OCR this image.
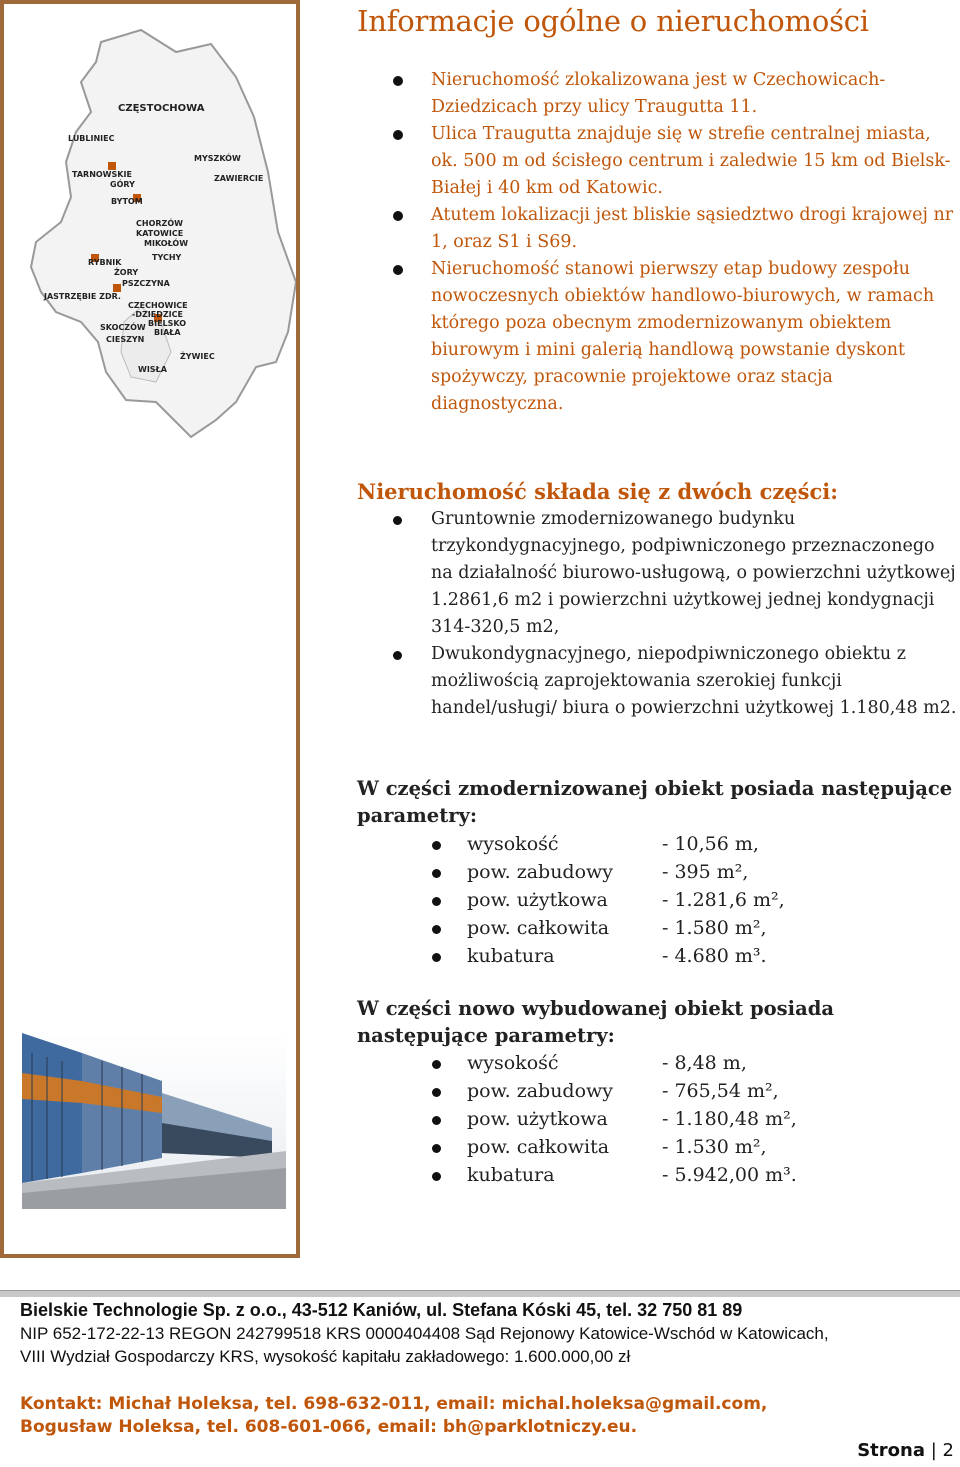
CZĘSTOCHOWA
LUBLINIEC
MYSZKÓW
TARNOWSKIE
GÓRY
ZAWIERCIE
BYTOM
CHORZÓW
KATOWICE
MIKOŁÓW
TYCHY
RYBNIK
ŻORY
PSZCZYNA
JASTRZĘBIE ZDR.
CZECHOWICE
-DZIEDZICE
BIELSKO
BIAŁA
SKOCZÓW
CIESZYN
ŻYWIEC
WISŁA
Informacje ogólne o nieruchomości
Nieruchomość zlokalizowana jest w Czechowicach-Dziedzicach przy ulicy Traugutta 11.
Ulica Traugutta znajduje się w strefie centralnej miasta, ok. 500 m od ścisłego centrum i zaledwie 15 km od Bielsk-Białej i 40 km od Katowic.
Atutem lokalizacji jest bliskie sąsiedztwo drogi krajowej nr 1, oraz S1 i S69.
Nieruchomość stanowi pierwszy etap budowy zespołu nowoczesnych obiektów handlowo-biurowych, w ramach którego poza obecnym zmodernizowanym obiektem biurowym i mini galerią handlową powstanie dyskont spożywczy, pracownie projektowe oraz stacja diagnostyczna.
Nieruchomość składa się z dwóch części:
Gruntownie zmodernizowanego budynku trzykondygnacyjnego, podpiwniczonego przeznaczonego na działalność biurowo-usługową, o powierzchni użytkowej 1.2861,6 m2 i powierzchni użytkowej jednej kondygnacji 314-320,5 m2,
Dwukondygnacyjnego, niepodpiwniczonego obiektu z możliwością zaprojektowania szerokiej funkcji handel/usługi/ biura o powierzchni użytkowej 1.180,48 m2.

W części zmodernizowanej obiekt posiada następujące parametry:

wysokość	- 10,56 m,
pow. zabudowy	- 395 m²,
pow. użytkowa	- 1.281,6 m²,
pow. całkowita	- 1.580 m²,
kubatura	- 4.680 m³.

W części nowo wybudowanej obiekt posiada następujące parametry:

wysokość	- 8,48 m,
pow. zabudowy	- 765,54 m²,
pow. użytkowa	- 1.180,48 m²,
pow. całkowita	- 1.530 m²,
kubatura	- 5.942,00 m³.
Bielskie Technologie Sp. z o.o., 43-512 Kaniów, ul. Stefana Kóski 45, tel. 32 750 81 89
NIP 652-172-22-13 REGON 242799518 KRS 0000404408 Sąd Rejonowy Katowice-Wschód w Katowicach,
VIII Wydział Gospodarczy KRS, wysokość kapitału zakładowego: 1.600.000,00 zł
Kontakt: Michał Holeksa, tel. 698-632-011, email: michal.holeksa@gmail.com,
Bogusław Holeksa, tel. 608-601-066, email: bh@parklotniczy.eu.
Strona | 2
